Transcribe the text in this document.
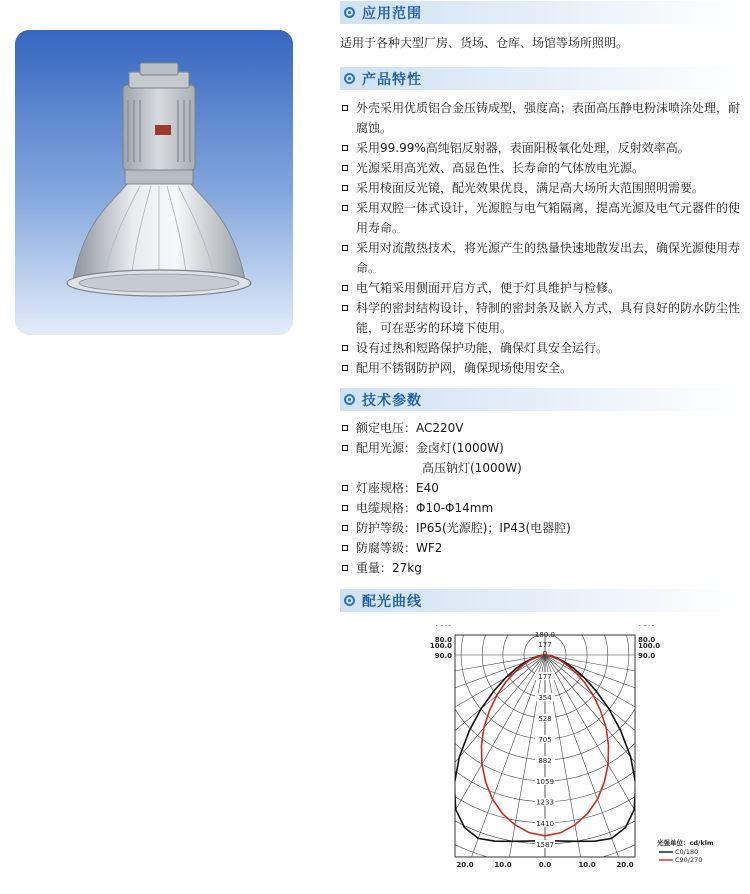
应用范围

适用于各种大型厂房、货场、仓库、场馆等场所照明。

产品特性
外壳采用优质铝合金压铸成型，强度高；表面高压静电粉沫喷涂处理，耐腐蚀。
采用99.99%高纯铝反射器，表面阳极氧化处理，反射效率高。
光源采用高光效、高显色性、长寿命的气体放电光源。
采用棱面反光镜，配光效果优良，满足高大场所大范围照明需要。
采用双腔一体式设计，光源腔与电气箱隔离，提高光源及电气元器件的使用寿命。
采用对流散热技术，将光源产生的热量快速地散发出去，确保光源使用寿命。
电气箱采用侧面开启方式，便于灯具维护与检修。
科学的密封结构设计，特制的密封条及嵌入方式，具有良好的防水防尘性能，可在恶劣的环境下使用。
设有过热和短路保护功能，确保灯具安全运行。
配用不锈钢防护网，确保现场使用安全。
技术参数
额定电压：AC220V
配用光源：金卤灯(1000W)
高压钠灯(1000W)
灯座规格：E40
电缆规格：Φ10-Φ14mm
防护等级：IP65(光源腔)；IP43(电器腔)
防腐等级：WF2
重量：27kg
配光曲线
177
354
528
705
882
1059
1233
1410
1587
180.0
177
0
100.0	100.0
90.0	90.0
80.0	80.0
20.0	10.0	0.0	10.0	20.0
光强单位：cd/klm
C0/180
C90/270
